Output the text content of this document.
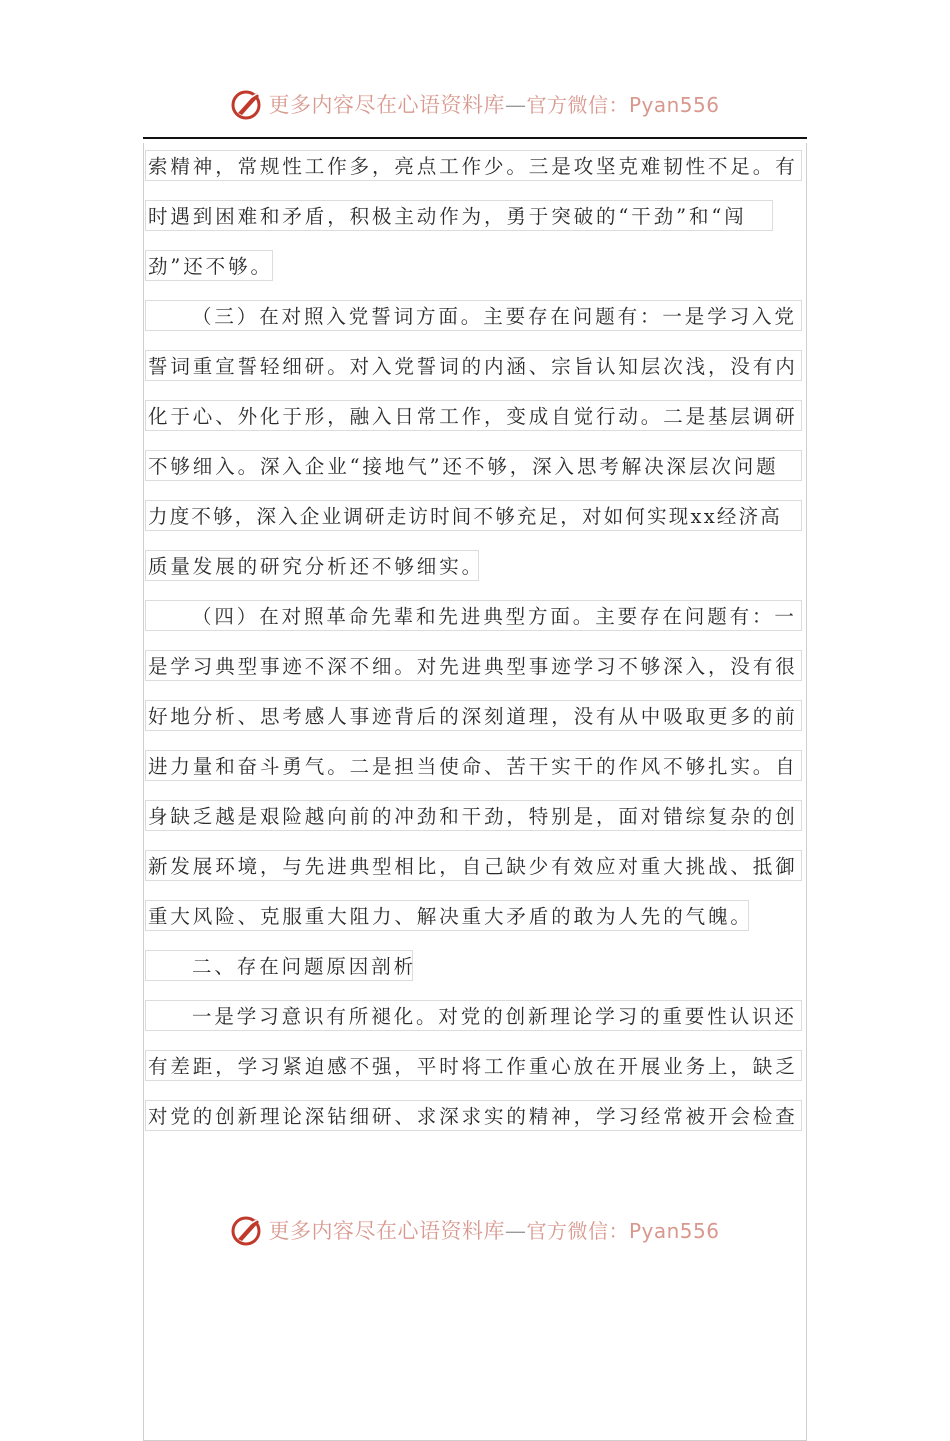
更多内容尽在心语资料库—官方微信：Pyan556
索精神，常规性工作多，亮点工作少。三是攻坚克难韧性不足。有
时遇到困难和矛盾，积极主动作为，勇于突破的“干劲”和“闯
劲”还不够。
（三）在对照入党誓词方面。主要存在问题有：一是学习入党
誓词重宣誓轻细研。对入党誓词的内涵、宗旨认知层次浅，没有内
化于心、外化于形，融入日常工作，变成自觉行动。二是基层调研
不够细入。深入企业“接地气”还不够，深入思考解决深层次问题
力度不够，深入企业调研走访时间不够充足，对如何实现xx经济高
质量发展的研究分析还不够细实。
（四）在对照革命先辈和先进典型方面。主要存在问题有：一
是学习典型事迹不深不细。对先进典型事迹学习不够深入，没有很
好地分析、思考感人事迹背后的深刻道理，没有从中吸取更多的前
进力量和奋斗勇气。二是担当使命、苦干实干的作风不够扎实。自
身缺乏越是艰险越向前的冲劲和干劲，特别是，面对错综复杂的创
新发展环境，与先进典型相比，自己缺少有效应对重大挑战、抵御
重大风险、克服重大阻力、解决重大矛盾的敢为人先的气魄。
二、存在问题原因剖析
一是学习意识有所褪化。对党的创新理论学习的重要性认识还
有差距，学习紧迫感不强，平时将工作重心放在开展业务上，缺乏
对党的创新理论深钻细研、求深求实的精神，学习经常被开会检查
更多内容尽在心语资料库—官方微信：Pyan556
